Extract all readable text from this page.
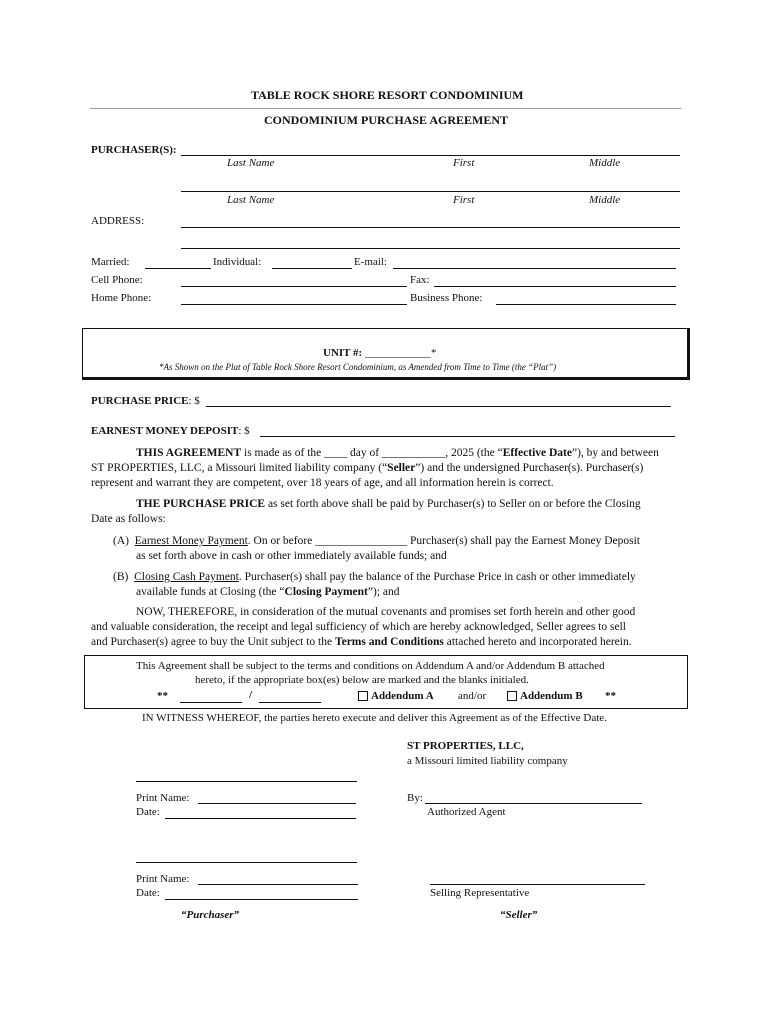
TABLE ROCK SHORE RESORT CONDOMINIUM
CONDOMINIUM PURCHASE AGREEMENT
PURCHASER(S):
Last Name	First	Middle
Last Name	First	Middle
ADDRESS:
Married:	Individual:	E-mail:
Cell Phone:	Fax:
Home Phone:	Business Phone:
UNIT #: ____________*
*As Shown on the Plat of Table Rock Shore Resort Condominium, as Amended from Time to Time (the “Plat”)
PURCHASE PRICE: $
EARNEST MONEY DEPOSIT: $
THIS AGREEMENT is made as of the ____ day of ___________, 2025 (the “Effective Date”), by and between
ST PROPERTIES, LLC, a Missouri limited liability company (“Seller”) and the undersigned Purchaser(s). Purchaser(s)
represent and warrant they are competent, over 18 years of age, and all information herein is correct.
THE PURCHASE PRICE as set forth above shall be paid by Purchaser(s) to Seller on or before the Closing
Date as follows:
(A) Earnest Money Payment. On or before ________________ Purchaser(s) shall pay the Earnest Money Deposit
as set forth above in cash or other immediately available funds; and
(B) Closing Cash Payment. Purchaser(s) shall pay the balance of the Purchase Price in cash or other immediately
available funds at Closing (the “Closing Payment”); and
NOW, THEREFORE, in consideration of the mutual covenants and promises set forth herein and other good
and valuable consideration, the receipt and legal sufficiency of which are hereby acknowledged, Seller agrees to sell
and Purchaser(s) agree to buy the Unit subject to the Terms and Conditions attached hereto and incorporated herein.
This Agreement shall be subject to the terms and conditions on Addendum A and/or Addendum B attached
hereto, if the appropriate box(es) below are marked and the blanks initialed.
**	/	Addendum A and/or	Addendum B **
IN WITNESS WHEREOF, the parties hereto execute and deliver this Agreement as of the Effective Date.
ST PROPERTIES, LLC,
a Missouri limited liability company
Print Name:
Date:
By:
Authorized Agent
Print Name:
Date:	Selling Representative
“Purchaser”	“Seller”
